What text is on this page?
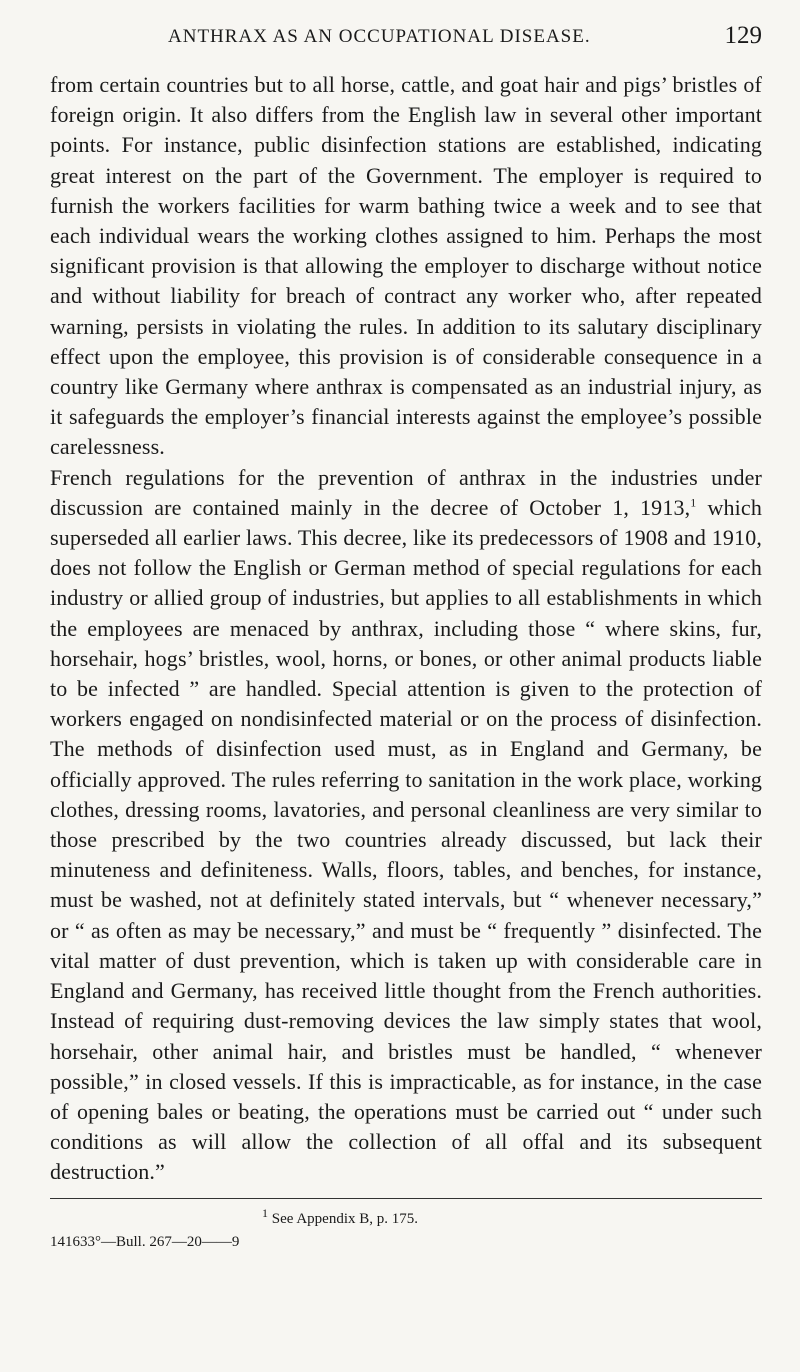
ANTHRAX AS AN OCCUPATIONAL DISEASE.	129

from certain countries but to all horse, cattle, and goat hair and pigs’ bristles of foreign origin. It also differs from the English law in several other important points. For instance, public disinfection stations are established, indicating great interest on the part of the Government. The employer is required to furnish the workers facilities for warm bathing twice a week and to see that each individual wears the working clothes assigned to him. Perhaps the most significant provision is that allowing the employer to discharge without notice and without liability for breach of contract any worker who, after repeated warning, persists in violating the rules. In addition to its salutary disciplinary effect upon the employee, this provision is of considerable consequence in a country like Germany where anthrax is compensated as an industrial injury, as it safeguards the employer’s financial interests against the employee’s possible carelessness.

French regulations for the prevention of anthrax in the industries under discussion are contained mainly in the decree of October 1, 1913,$^1$ which superseded all earlier laws. This decree, like its predecessors of 1908 and 1910, does not follow the English or German method of special regulations for each industry or allied group of industries, but applies to all establishments in which the employees are menaced by anthrax, including those “ where skins, fur, horsehair, hogs’ bristles, wool, horns, or bones, or other animal products liable to be infected ” are handled. Special attention is given to the protection of workers engaged on nondisinfected material or on the process of disinfection. The methods of disinfection used must, as in England and Germany, be officially approved. The rules referring to sanitation in the work place, working clothes, dressing rooms, lavatories, and personal cleanliness are very similar to those prescribed by the two countries already discussed, but lack their minuteness and definiteness. Walls, floors, tables, and benches, for instance, must be washed, not at definitely stated intervals, but “ whenever necessary,” or “ as often as may be necessary,” and must be “ frequently ” disinfected. The vital matter of dust prevention, which is taken up with considerable care in England and Germany, has received little thought from the French authorities. Instead of requiring dust-removing devices the law simply states that wool, horsehair, other animal hair, and bristles must be handled, “ whenever possible,” in closed vessels. If this is impracticable, as for instance, in the case of opening bales or beating, the operations must be carried out “ under such conditions as will allow the collection of all offal and its subsequent destruction.”

$^1$ See Appendix B, p. 175.
141633°—Bull. 267—20——9
